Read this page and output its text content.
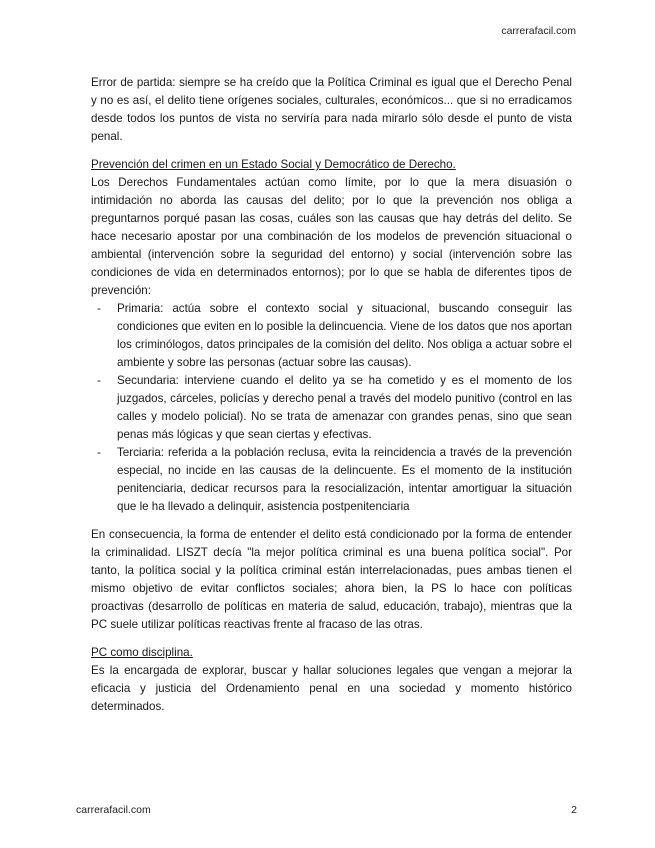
carrerafacil.com

Error de partida: siempre se ha creído que la Política Criminal es igual que el Derecho Penal y no es así, el delito tiene orígenes sociales, culturales, económicos... que si no erradicamos desde todos los puntos de vista no serviría para nada mirarlo sólo desde el punto de vista penal.

Prevención del crimen en un Estado Social y Democrático de Derecho.

Los Derechos Fundamentales actúan como límite, por lo que la mera disuasión o intimidación no aborda las causas del delito; por lo que la prevención nos obliga a preguntarnos porqué pasan las cosas, cuáles son las causas que hay detrás del delito. Se hace necesario apostar por una combinación de los modelos de prevención situacional o ambiental (intervención sobre la seguridad del entorno) y social (intervención sobre las condiciones de vida en determinados entornos); por lo que se habla de diferentes tipos de prevención:

- Primaria: actúa sobre el contexto social y situacional, buscando conseguir las condiciones que eviten en lo posible la delincuencia. Viene de los datos que nos aportan los criminólogos, datos principales de la comisión del delito. Nos obliga a actuar sobre el ambiente y sobre las personas (actuar sobre las causas).
- Secundaria: interviene cuando el delito ya se ha cometido y es el momento de los juzgados, cárceles, policías y derecho penal a través del modelo punitivo (control en las calles y modelo policial). No se trata de amenazar con grandes penas, sino que sean penas más lógicas y que sean ciertas y efectivas.
- Terciaria: referida a la población reclusa, evita la reincidencia a través de la prevención especial, no incide en las causas de la delincuente. Es el momento de la institución penitenciaria, dedicar recursos para la resocialización, intentar amortiguar la situación que le ha llevado a delinquir, asistencia postpenitenciaria

En consecuencia, la forma de entender el delito está condicionado por la forma de entender la criminalidad. LISZT decía "la mejor política criminal es una buena política social". Por tanto, la política social y la política criminal están interrelacionadas, pues ambas tienen el mismo objetivo de evitar conflictos sociales; ahora bien, la PS lo hace con políticas proactivas (desarrollo de políticas en materia de salud, educación, trabajo), mientras que la PC suele utilizar políticas reactivas frente al fracaso de las otras.

PC como disciplina.

Es la encargada de explorar, buscar y hallar soluciones legales que vengan a mejorar la eficacia y justicia del Ordenamiento penal en una sociedad y momento histórico determinados.

carrerafacil.com	2
